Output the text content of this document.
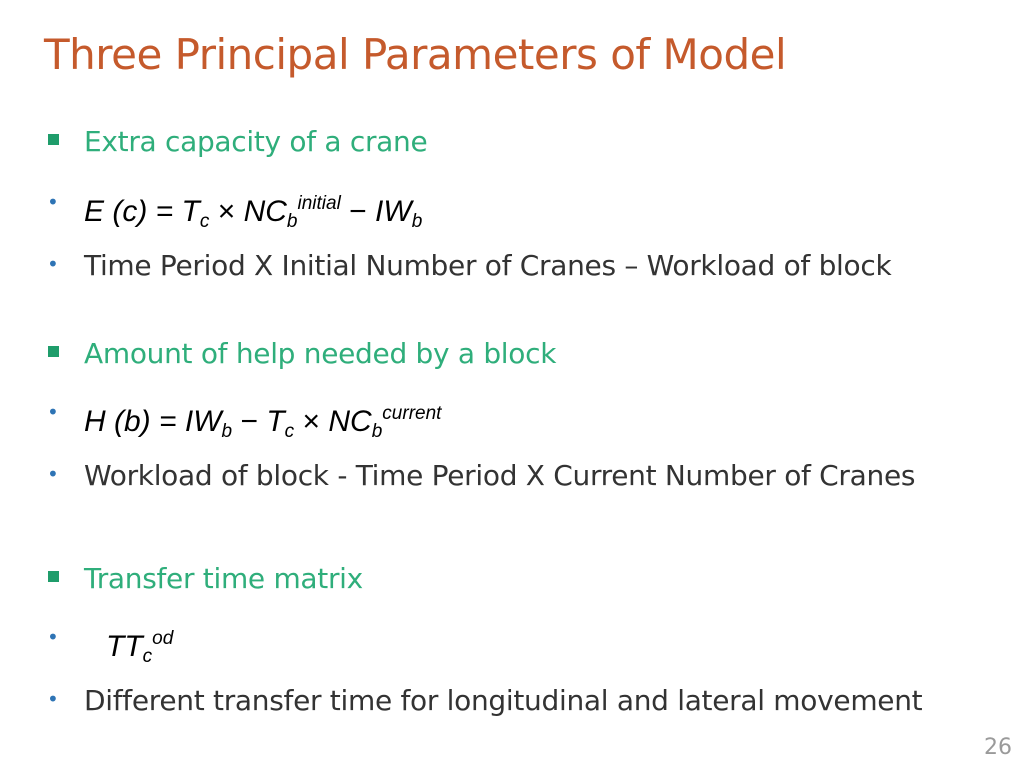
Three Principal Parameters of Model
Extra capacity of a crane
• E $(c) = T_c \times NC_b^{initial} - IW_b$
• Time Period X Initial Number of Cranes – Workload of block
Amount of help needed by a block
• H $(b) = IW_b - T_c \times NC_b^{current}$
• Workload of block - Time Period X Current Number of Cranes
Transfer time matrix
• $TT_c^{od}$
• Different transfer time for longitudinal and lateral movement
26
